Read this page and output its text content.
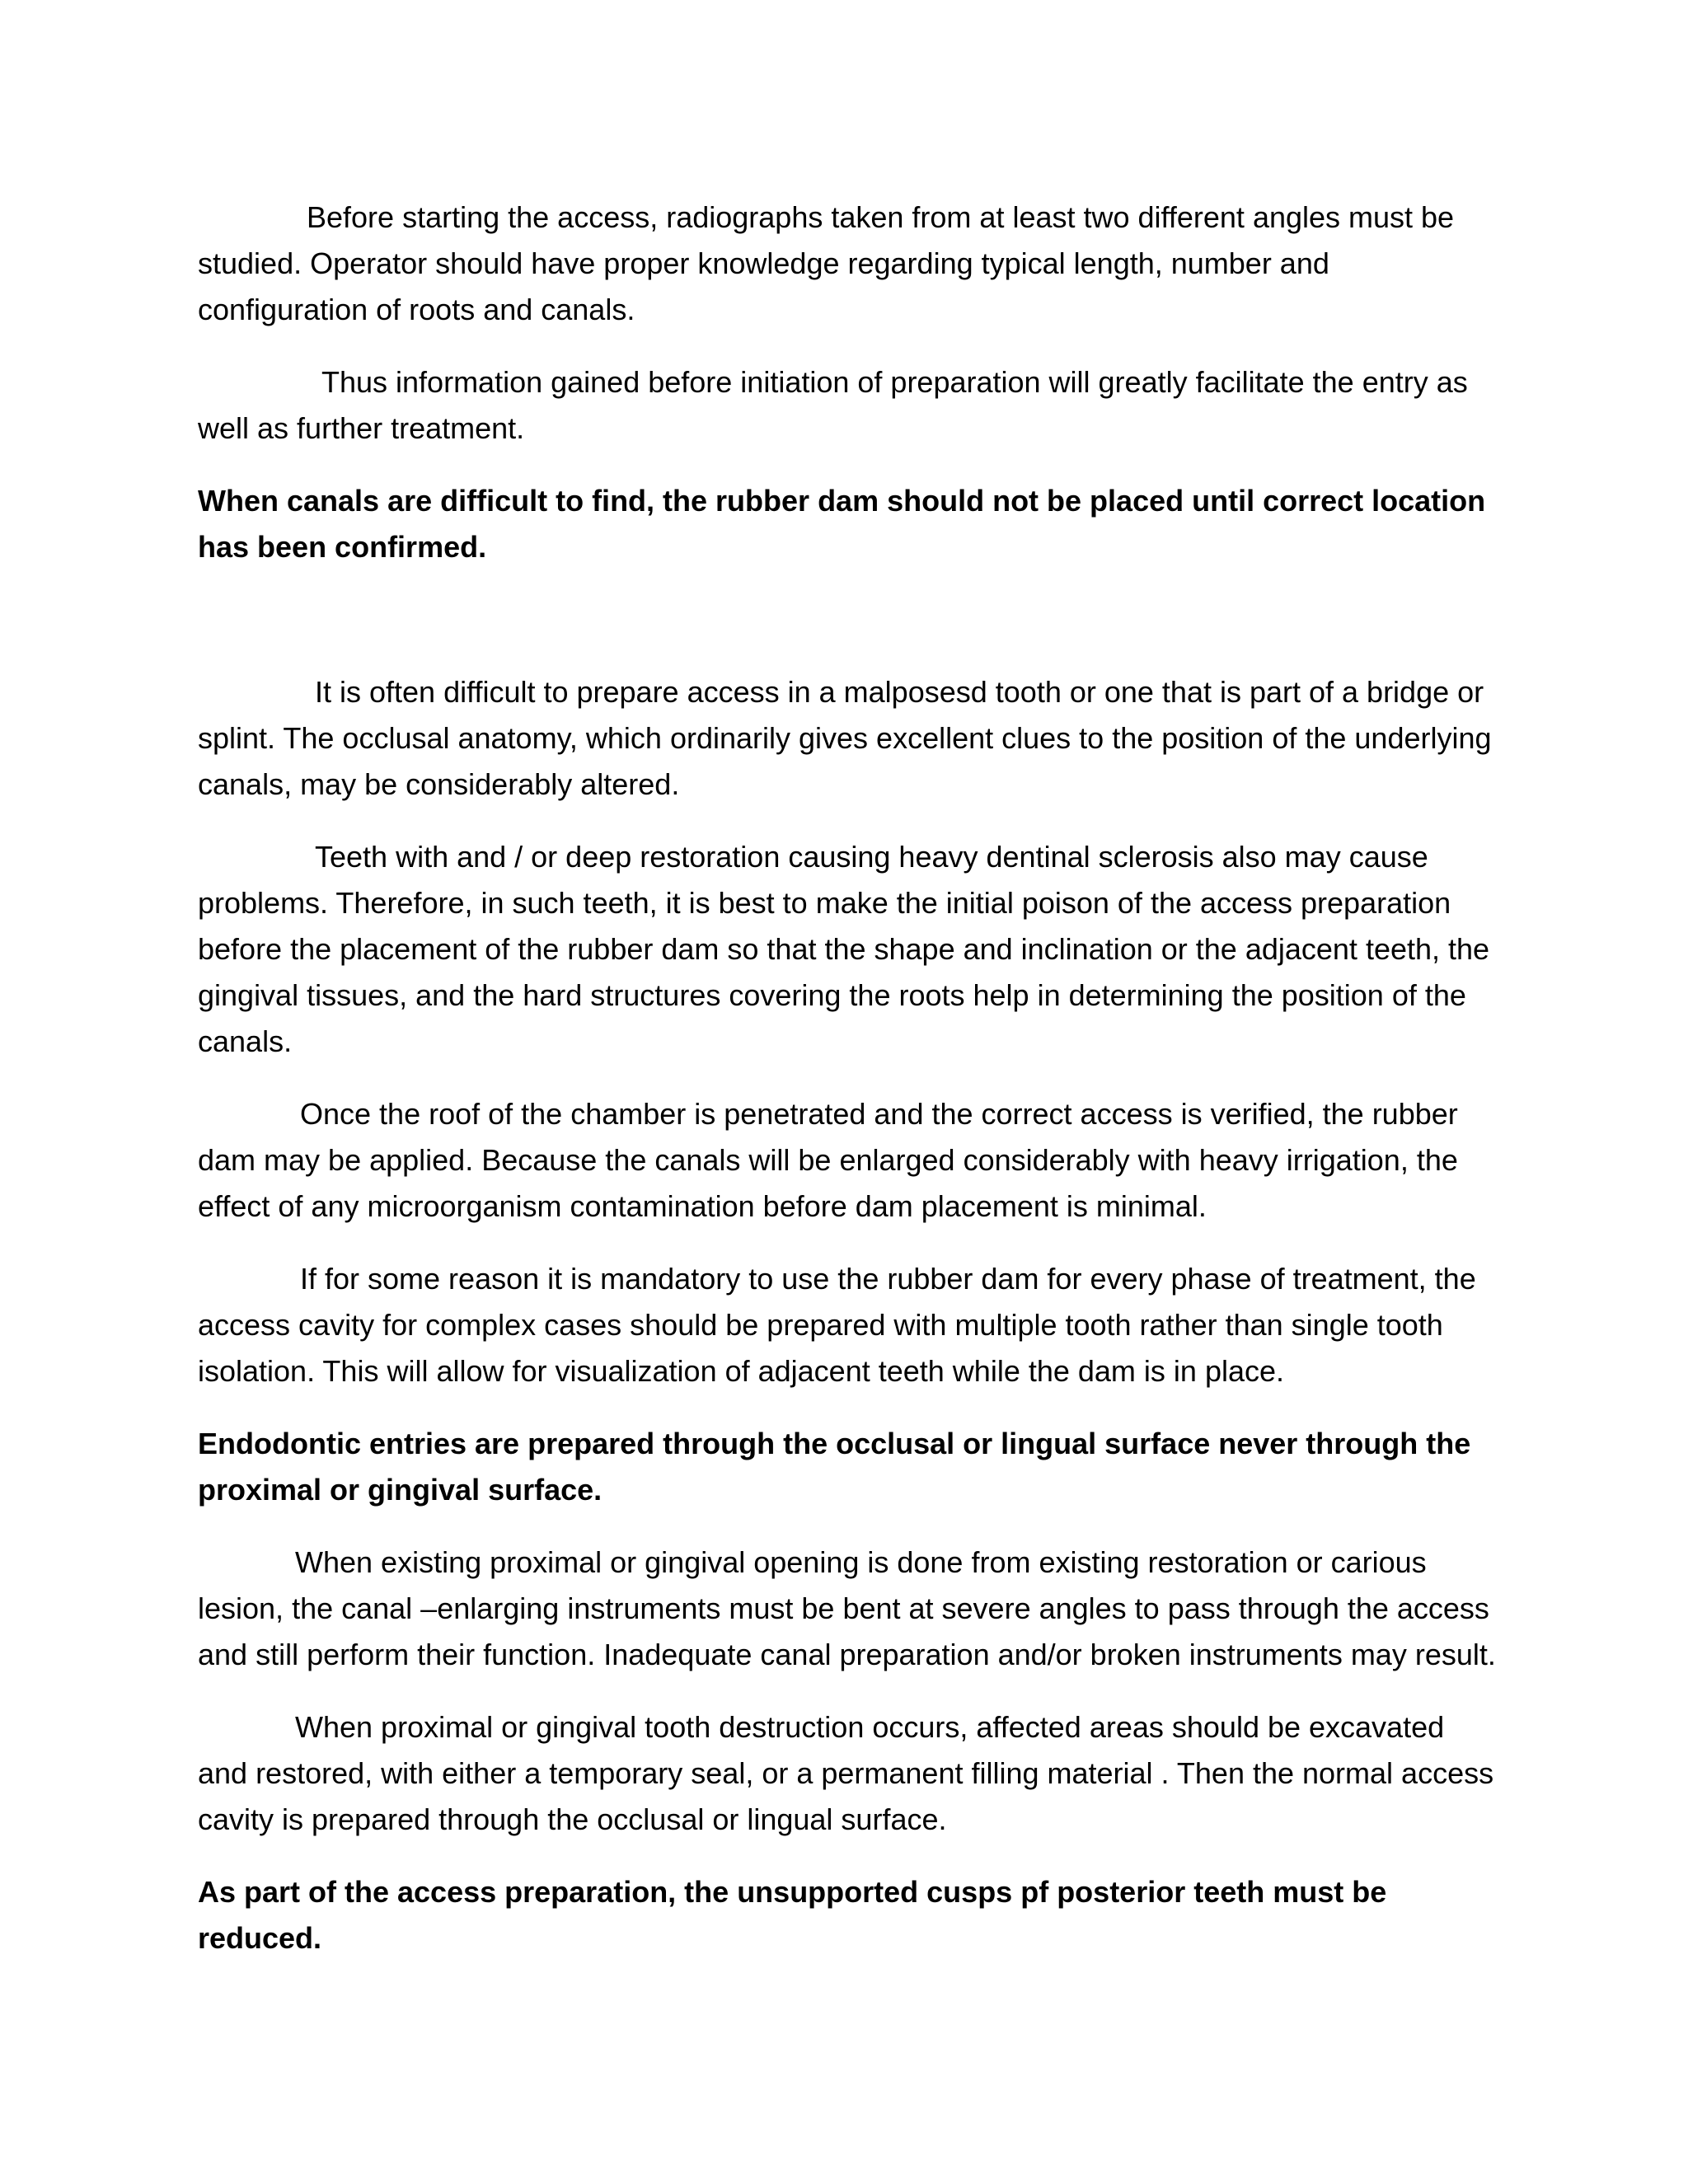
Before starting the access, radiographs taken from at least two different angles must be studied. Operator should have proper knowledge regarding typical length, number and configuration of roots and canals.

Thus information gained before initiation of preparation will greatly facilitate the entry as well as further treatment.

When canals are difficult to find, the rubber dam should not be placed until correct location has been confirmed.

It is often difficult to prepare access in a malposesd tooth or one that is part of a bridge or splint. The occlusal anatomy, which ordinarily gives excellent clues to the position of the underlying canals, may be considerably altered.

Teeth with and / or deep restoration causing heavy dentinal sclerosis also may cause problems. Therefore, in such teeth, it is best to make the initial poison of the access preparation before the placement of the rubber dam so that the shape and inclination or the adjacent teeth, the gingival tissues, and the hard structures covering the roots help in determining the position of the canals.

Once the roof of the chamber is penetrated and the correct access is verified, the rubber dam may be applied. Because the canals will be enlarged considerably with heavy irrigation, the effect of any microorganism contamination before dam placement is minimal.

If for some reason it is mandatory to use the rubber dam for every phase of treatment, the access cavity for complex cases should be prepared with multiple tooth rather than single tooth isolation. This will allow for visualization of adjacent teeth while the dam is in place.

Endodontic entries are prepared through the occlusal or lingual surface never through the proximal or gingival surface.

When existing proximal or gingival opening is done from existing restoration or carious lesion, the canal –enlarging instruments must be bent at severe angles to pass through the access and still perform their function. Inadequate canal preparation and/or broken instruments may result.

When proximal or gingival tooth destruction occurs, affected areas should be excavated and restored, with either a temporary seal, or a permanent filling material . Then the normal access cavity is prepared through the occlusal or lingual surface.

As part of the access preparation, the unsupported cusps pf posterior teeth must be reduced.
